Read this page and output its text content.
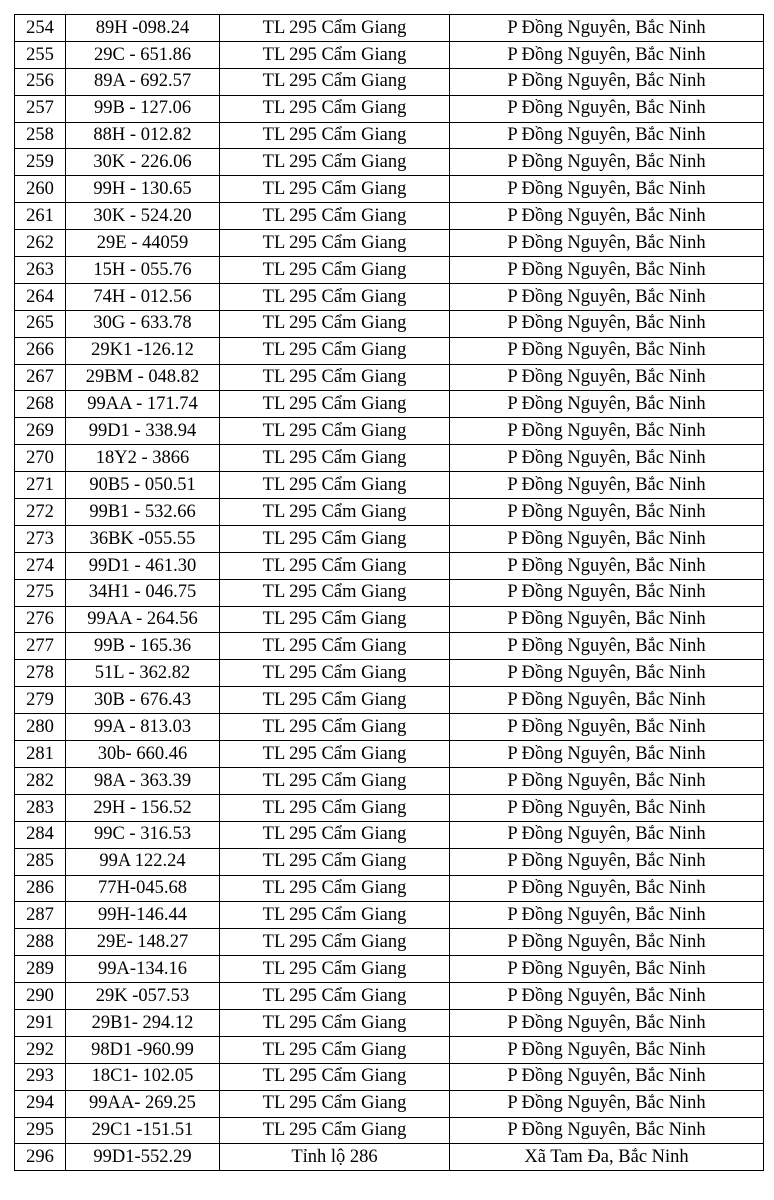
254	89H -098.24	TL 295 Cẩm Giang	P Đồng Nguyên, Bắc Ninh
255	29C - 651.86	TL 295 Cẩm Giang	P Đồng Nguyên, Bắc Ninh
256	89A - 692.57	TL 295 Cẩm Giang	P Đồng Nguyên, Bắc Ninh
257	99B - 127.06	TL 295 Cẩm Giang	P Đồng Nguyên, Bắc Ninh
258	88H - 012.82	TL 295 Cẩm Giang	P Đồng Nguyên, Bắc Ninh
259	30K - 226.06	TL 295 Cẩm Giang	P Đồng Nguyên, Bắc Ninh
260	99H - 130.65	TL 295 Cẩm Giang	P Đồng Nguyên, Bắc Ninh
261	30K - 524.20	TL 295 Cẩm Giang	P Đồng Nguyên, Bắc Ninh
262	29E - 44059	TL 295 Cẩm Giang	P Đồng Nguyên, Bắc Ninh
263	15H - 055.76	TL 295 Cẩm Giang	P Đồng Nguyên, Bắc Ninh
264	74H - 012.56	TL 295 Cẩm Giang	P Đồng Nguyên, Bắc Ninh
265	30G - 633.78	TL 295 Cẩm Giang	P Đồng Nguyên, Bắc Ninh
266	29K1 -126.12	TL 295 Cẩm Giang	P Đồng Nguyên, Bắc Ninh
267	29BM - 048.82	TL 295 Cẩm Giang	P Đồng Nguyên, Bắc Ninh
268	99AA - 171.74	TL 295 Cẩm Giang	P Đồng Nguyên, Bắc Ninh
269	99D1 - 338.94	TL 295 Cẩm Giang	P Đồng Nguyên, Bắc Ninh
270	18Y2 - 3866	TL 295 Cẩm Giang	P Đồng Nguyên, Bắc Ninh
271	90B5 - 050.51	TL 295 Cẩm Giang	P Đồng Nguyên, Bắc Ninh
272	99B1 - 532.66	TL 295 Cẩm Giang	P Đồng Nguyên, Bắc Ninh
273	36BK -055.55	TL 295 Cẩm Giang	P Đồng Nguyên, Bắc Ninh
274	99D1 - 461.30	TL 295 Cẩm Giang	P Đồng Nguyên, Bắc Ninh
275	34H1 - 046.75	TL 295 Cẩm Giang	P Đồng Nguyên, Bắc Ninh
276	99AA - 264.56	TL 295 Cẩm Giang	P Đồng Nguyên, Bắc Ninh
277	99B - 165.36	TL 295 Cẩm Giang	P Đồng Nguyên, Bắc Ninh
278	51L - 362.82	TL 295 Cẩm Giang	P Đồng Nguyên, Bắc Ninh
279	30B - 676.43	TL 295 Cẩm Giang	P Đồng Nguyên, Bắc Ninh
280	99A - 813.03	TL 295 Cẩm Giang	P Đồng Nguyên, Bắc Ninh
281	30b- 660.46	TL 295 Cẩm Giang	P Đồng Nguyên, Bắc Ninh
282	98A - 363.39	TL 295 Cẩm Giang	P Đồng Nguyên, Bắc Ninh
283	29H - 156.52	TL 295 Cẩm Giang	P Đồng Nguyên, Bắc Ninh
284	99C - 316.53	TL 295 Cẩm Giang	P Đồng Nguyên, Bắc Ninh
285	99A 122.24	TL 295 Cẩm Giang	P Đồng Nguyên, Bắc Ninh
286	77H-045.68	TL 295 Cẩm Giang	P Đồng Nguyên, Bắc Ninh
287	99H-146.44	TL 295 Cẩm Giang	P Đồng Nguyên, Bắc Ninh
288	29E- 148.27	TL 295 Cẩm Giang	P Đồng Nguyên, Bắc Ninh
289	99A-134.16	TL 295 Cẩm Giang	P Đồng Nguyên, Bắc Ninh
290	29K -057.53	TL 295 Cẩm Giang	P Đồng Nguyên, Bắc Ninh
291	29B1- 294.12	TL 295 Cẩm Giang	P Đồng Nguyên, Bắc Ninh
292	98D1 -960.99	TL 295 Cẩm Giang	P Đồng Nguyên, Bắc Ninh
293	18C1- 102.05	TL 295 Cẩm Giang	P Đồng Nguyên, Bắc Ninh
294	99AA- 269.25	TL 295 Cẩm Giang	P Đồng Nguyên, Bắc Ninh
295	29C1 -151.51	TL 295 Cẩm Giang	P Đồng Nguyên, Bắc Ninh
296	99D1-552.29	Tỉnh lộ 286	Xã Tam Đa, Bắc Ninh
